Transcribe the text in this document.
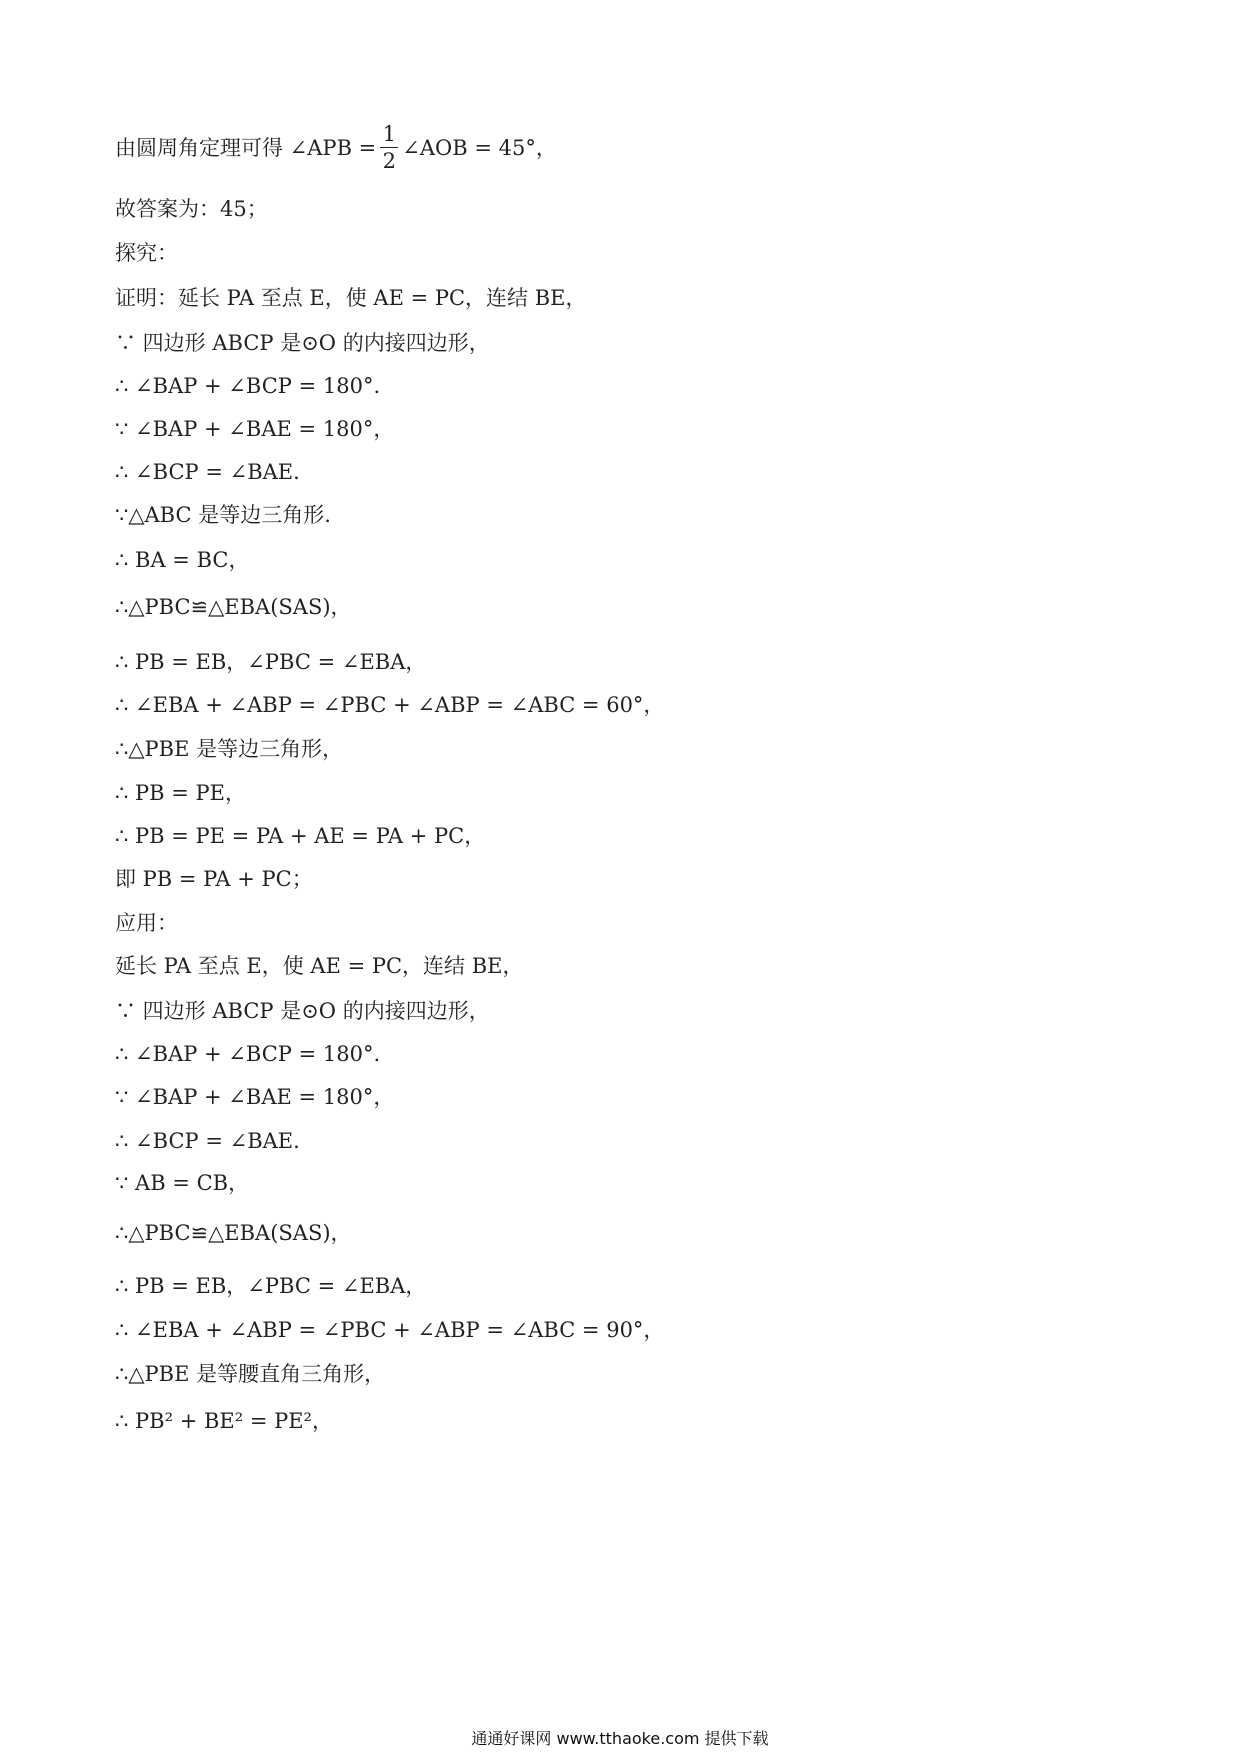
由圆周角定理可得 ∠APB = $\frac{1}{2}$ ∠AOB = 45°，
故答案为：45；
探究：
证明：延长 PA 至点 E，使 AE = PC，连结 BE，
∵ 四边形 ABCP 是⊙O 的内接四边形，
∴ ∠BAP + ∠BCP = 180°.
∵ ∠BAP + ∠BAE = 180°，
∴ ∠BCP = ∠BAE.
∵△ABC 是等边三角形.
∴ BA = BC，
∴△PBC≌△EBA(SAS)，
∴ PB = EB，∠PBC = ∠EBA，
∴ ∠EBA + ∠ABP = ∠PBC + ∠ABP = ∠ABC = 60°，
∴△PBE 是等边三角形，
∴ PB = PE，
∴ PB = PE = PA + AE = PA + PC，
即 PB = PA + PC；
应用：
延长 PA 至点 E，使 AE = PC，连结 BE，
∵ 四边形 ABCP 是⊙O 的内接四边形，
∴ ∠BAP + ∠BCP = 180°.
∵ ∠BAP + ∠BAE = 180°，
∴ ∠BCP = ∠BAE.
∵ AB = CB，
∴△PBC≌△EBA(SAS)，
∴ PB = EB，∠PBC = ∠EBA，
∴ ∠EBA + ∠ABP = ∠PBC + ∠ABP = ∠ABC = 90°，
∴△PBE 是等腰直角三角形，
∴ PB² + BE² = PE²，
通通好课网 www.tthaoke.com 提供下载
